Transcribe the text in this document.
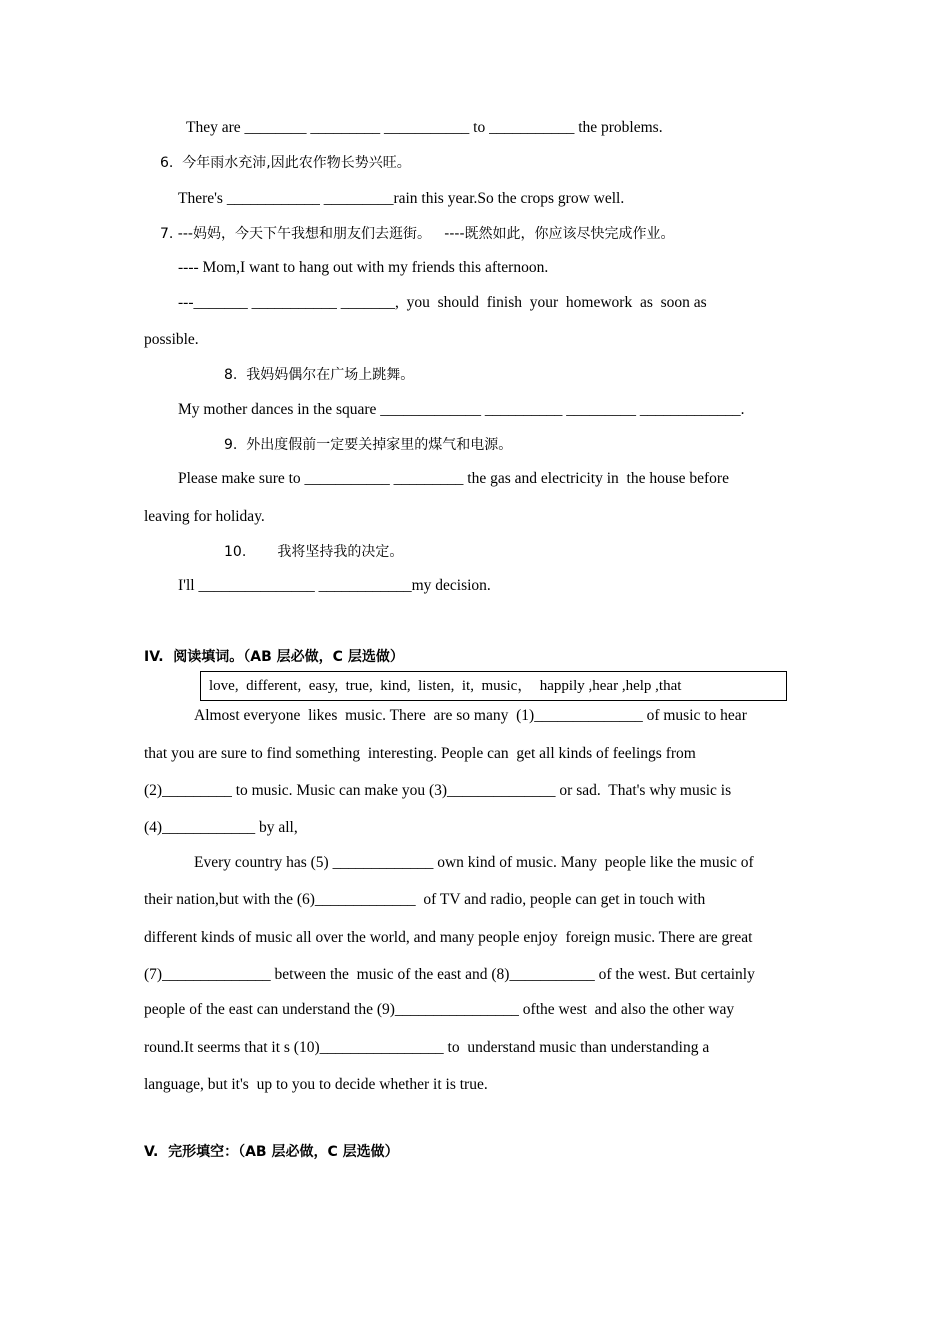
They are ________ _________ ___________ to ___________ the problems.
6.  今年雨水充沛,因此农作物长势兴旺。
There's ____________ _________rain this year.So the crops grow well.
7. ---妈妈，今天下午我想和朋友们去逛街。   ----既然如此，你应该尽快完成作业。
---- Mom,I want to hang out with my friends this afternoon.
---_______ ___________ _______,  you  should  finish  your  homework  as  soon as
possible.
8.  我妈妈偶尔在广场上跳舞。
My mother dances in the square _____________ __________ _________ _____________.
9.  外出度假前一定要关掉家里的煤气和电源。
Please make sure to ___________ _________ the gas and electricity in  the house before
leaving for holiday.
10.       我将坚持我的决定。
I'll _______________ ____________my decision.
IV.  阅读填词。（AB 层必做，C 层选做）
love,  different,  easy,  true,  kind,  listen,  it,  music，  happily ,hear ,help ,that
Almost everyone  likes  music. There  are so many  (1)______________ of music to hear
that you are sure to find something  interesting. People can  get all kinds of feelings from
(2)_________ to music. Music can make you (3)______________ or sad.  That's why music is
(4)____________ by all,
Every country has (5) _____________ own kind of music. Many  people like the music of
their nation,but with the (6)_____________  of TV and radio, people can get in touch with
different kinds of music all over the world, and many people enjoy  foreign music. There are great
(7)______________ between the  music of the east and (8)___________ of the west. But certainly
people of the east can understand the (9)________________ ofthe west  and also the other way
round.It seerms that it s (10)________________ to  understand music than understanding a
language, but it's  up to you to decide whether it is true.
V.  完形填空：（AB 层必做，C 层选做）
